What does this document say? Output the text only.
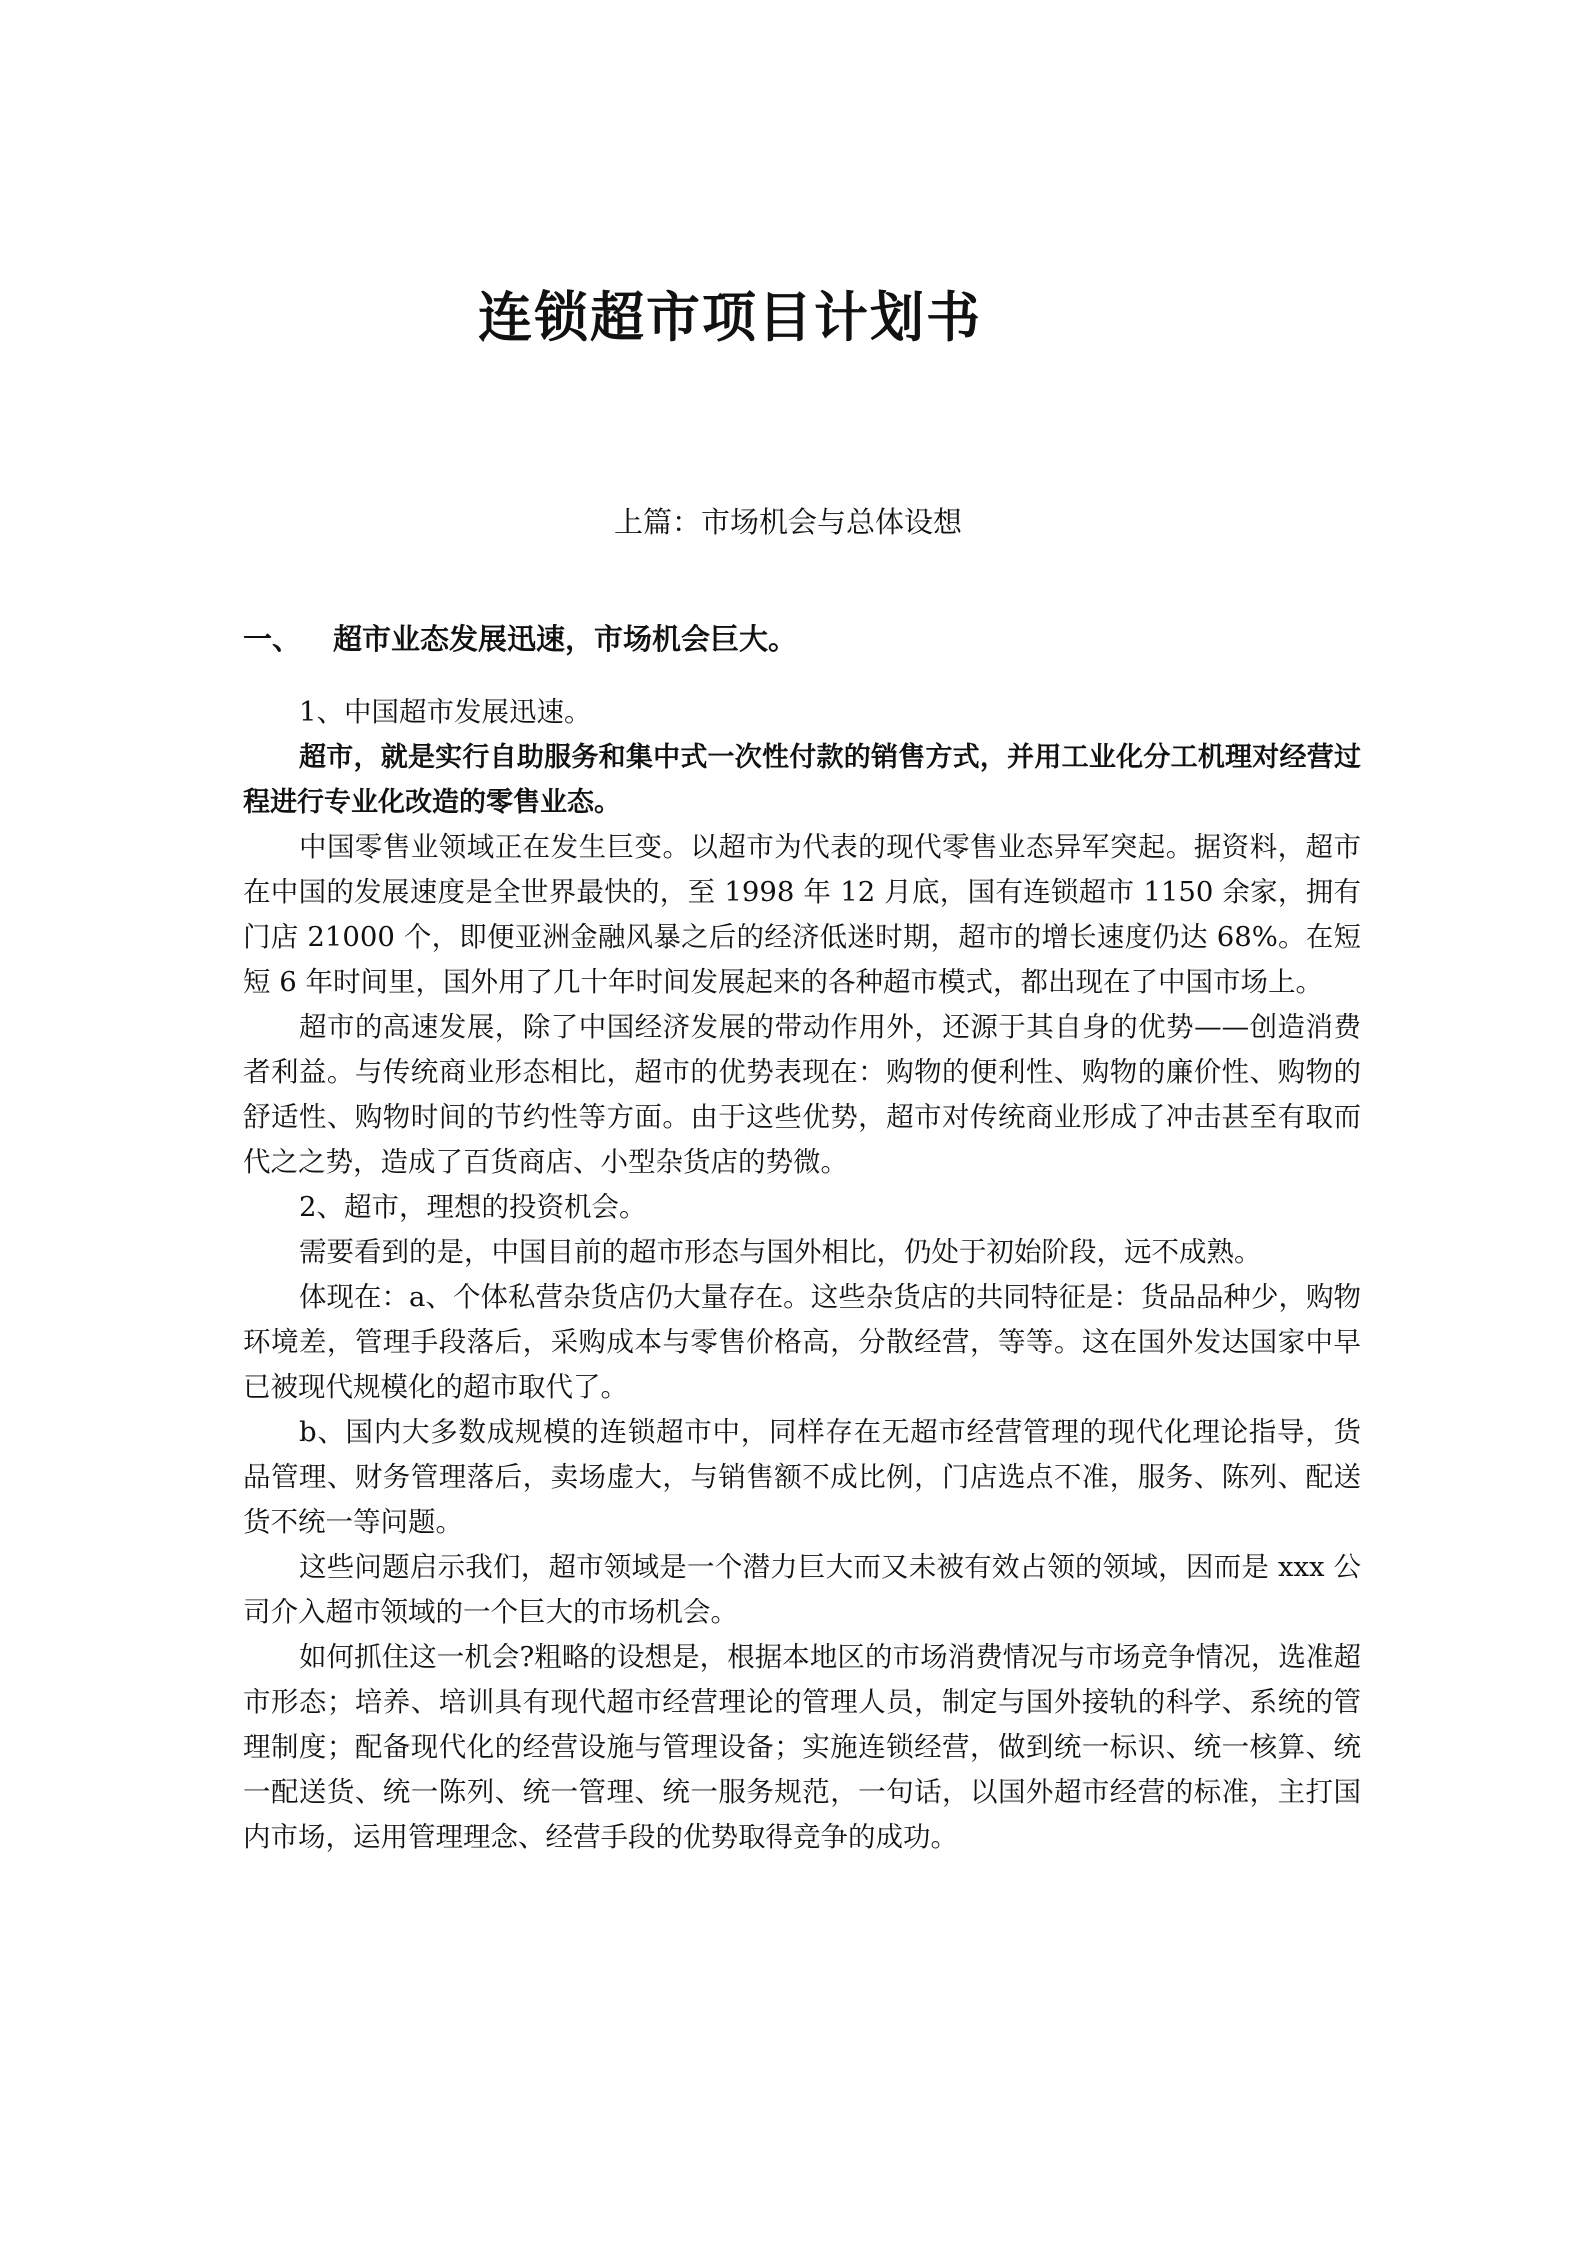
连锁超市项目计划书
上篇：市场机会与总体设想
一、 超市业态发展迅速，市场机会巨大。

1、中国超市发展迅速。

超市，就是实行自助服务和集中式一次性付款的销售方式，并用工业化分工机理对经营过程进行专业化改造的零售业态。

中国零售业领域正在发生巨变。以超市为代表的现代零售业态异军突起。据资料，超市在中国的发展速度是全世界最快的，至 1998 年 12 月底，国有连锁超市 1150 余家，拥有门店 21000 个，即便亚洲金融风暴之后的经济低迷时期，超市的增长速度仍达 68%。在短短 6 年时间里，国外用了几十年时间发展起来的各种超市模式，都出现在了中国市场上。

超市的高速发展，除了中国经济发展的带动作用外，还源于其自身的优势——创造消费者利益。与传统商业形态相比，超市的优势表现在：购物的便利性、购物的廉价性、购物的舒适性、购物时间的节约性等方面。由于这些优势，超市对传统商业形成了冲击甚至有取而代之之势，造成了百货商店、小型杂货店的势微。

2、超市，理想的投资机会。

需要看到的是，中国目前的超市形态与国外相比，仍处于初始阶段，远不成熟。

体现在：a、个体私营杂货店仍大量存在。这些杂货店的共同特征是：货品品种少，购物环境差，管理手段落后，采购成本与零售价格高，分散经营，等等。这在国外发达国家中早已被现代规模化的超市取代了。

b、国内大多数成规模的连锁超市中，同样存在无超市经营管理的现代化理论指导，货品管理、财务管理落后，卖场虚大，与销售额不成比例，门店选点不准，服务、陈列、配送货不统一等问题。

这些问题启示我们，超市领域是一个潜力巨大而又未被有效占领的领域，因而是 xxx 公司介入超市领域的一个巨大的市场机会。

如何抓住这一机会?粗略的设想是，根据本地区的市场消费情况与市场竞争情况，选准超市形态；培养、培训具有现代超市经营理论的管理人员，制定与国外接轨的科学、系统的管理制度；配备现代化的经营设施与管理设备；实施连锁经营，做到统一标识、统一核算、统一配送货、统一陈列、统一管理、统一服务规范，一句话，以国外超市经营的标准，主打国内市场，运用管理理念、经营手段的优势取得竞争的成功。
